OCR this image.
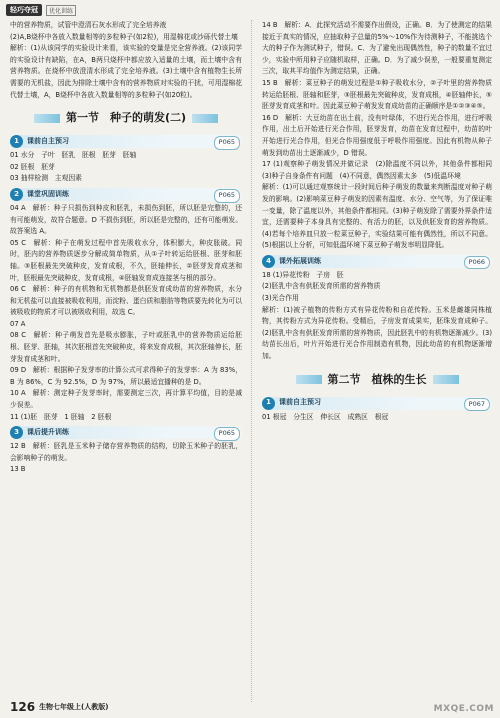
轻巧夺冠	优化训练

中的营养物质，试管中澄清石灰水形成了完全培养液

(2)A,B烧杯中各放入数量相等的多粒种子(如2粒)，用湿棉花或沙砾代替土壤

解析：(1)从该同学的实验设计来看，该实验的变量是完全营养液。(2)该同学的实验设计有缺陷，在A，B两只烧杯中都应放入适量的土壤，而土壤中含有营养物质。在烧杯中放澄清水形成了完全培养液。(3)土壤中含有植物生长所需要的无机盐，因此为排除土壤中含有的营养物质对实验的干扰，可用湿棉花代替土壤，A，B烧杯中各放入数量相等的多粒种子(如20粒)。

第一节　种子的萌发(二)
1	课前自主预习	P065

01 水分　子叶　胚乳　胚根　胚芽　胚轴

02 胚根　胚芽

03 抽样检测　主观因素

2	课堂巩固训练	P065

04 A　解析：种子只损伤到种皮和胚乳，未损伤到胚，所以胚是完整的，还有可能萌发，故符合题意。D 不损伤到胚，所以胚是完整的，还有可能萌发。故答案选 A。

05 C　解析：种子在萌发过程中首先吸收水分，体积膨大，种皮胀破。同时，胚内的营养物质逐步分解成简单物质，从①子叶转运给胚根、胚芽和胚轴。③胚根最先突破种皮，发育成根，不久，胚轴伸长，②胚芽发育成茎和叶，胚根最先突破种皮，发育成根，④胚轴发育成连接茎与根的部分。

06 C　解析：种子的有机物和无机物都是供胚发育成幼苗的营养物质，水分和无机盐可以直接被吸收利用，而淀粉、蛋白质和脂肪等物质要先转化为可以被吸收的物质才可以被吸收利用，故选 C。

07 A

08 C　解析：种子萌发首先是吸水膨胀，子叶或胚乳中的营养物质运给胚根、胚芽、胚轴，其次胚根首先突破种皮，将来发育成根，其次胚轴伸长，胚芽发育成茎和叶。

09 D　解析：根据种子发芽率的计算公式可求得种子的发芽率：A 为 83%，B 为 86%，C 为 92.5%，D 为 97%，所以最适宜播种的是 D。

10 A　解析：测定种子发芽率时，需要测定三次，再计算平均值，目的是减少误差。

11 (1)胚　胚芽　1 胚轴　2 胚根

3	课后提升训练	P065

12 B　解析：胚乳是玉米种子储存营养物质的结构，切除玉米种子的胚乳，会影响种子的萌发。

13 B

14 B　解析：A．此探究活动不需要作出假设，正确。B．为了使测定的结果接近于真实的情况，应抽取种子总量的5%～10%作为待测种子，不能挑选个大的种子作为测试种子，错误。C．为了避免出现偶然性，种子的数量不宜过少，实验中所用种子应随机取样，正确。D．为了减少误差，一般要重复测定三次，取其平均值作为测定结果，正确。

15 B　解析：菜豆种子的萌发过程是①种子吸收水分，②子叶里的营养物质转运给胚根、胚轴和胚芽，③胚根最先突破种皮，发育成根，④胚轴伸长，⑤胚芽发育成茎和叶。因此菜豆种子萌发发育成幼苗的正确顺序是①②③④⑤。

16 D　解析：大豆幼苗在出土前，没有叶绿体，不进行光合作用，进行呼吸作用，出土后开始进行光合作用，胚芽发育，幼苗在发育过程中，幼苗的叶开始进行光合作用，但光合作用强度低于呼吸作用强度。因此有机物从种子萌发到幼苗出土逐渐减少，D 错误。

17 (1)观察种子萌发情况并做记录　(2)除温度不同以外，其他条件都相同　(3)种子自身条件有问题　(4)不同意，偶然因素太多　(5)低温环境

解析：(1)可以通过观察统计一段时间后种子萌发的数量来判断温度对种子萌发的影响。(2)影响菜豆种子萌发的因素有温度、水分、空气等，为了保证唯一变量，除了温度以外，其他条件都相同。(3)种子萌发除了需要外界条件适宜，还需要种子本身具有完整的、有活力的胚，以及供胚发育的营养物质。(4)若每个培养皿只放一粒菜豆种子，实验结果可能有偶然性，所以不同意。(5)根据以上分析，可知低温环境下菜豆种子萌发率明显降低。

4	课外拓展训练	P066

18 (1)异花传粉　子房　胚

(2)胚乳中含有供胚发育所需的营养物质

(3)光合作用

解析：(1)被子植物的传粉方式有异花传粉和自花传粉。玉米是雌雄同株植物，其传粉方式为异花传粉。受精后，子房发育成果实，胚珠发育成种子。(2)胚乳中含有供胚发育所需的营养物质，因此胚乳中的有机物逐渐减少。(3)幼苗长出后，叶片开始进行光合作用制造有机物，因此幼苗的有机物逐渐增加。

第二节　植株的生长
1	课前自主预习	P067

01 根冠　分生区　伸长区　成熟区　根冠

126 生物七年级上(人教版)	MXQE.COM
